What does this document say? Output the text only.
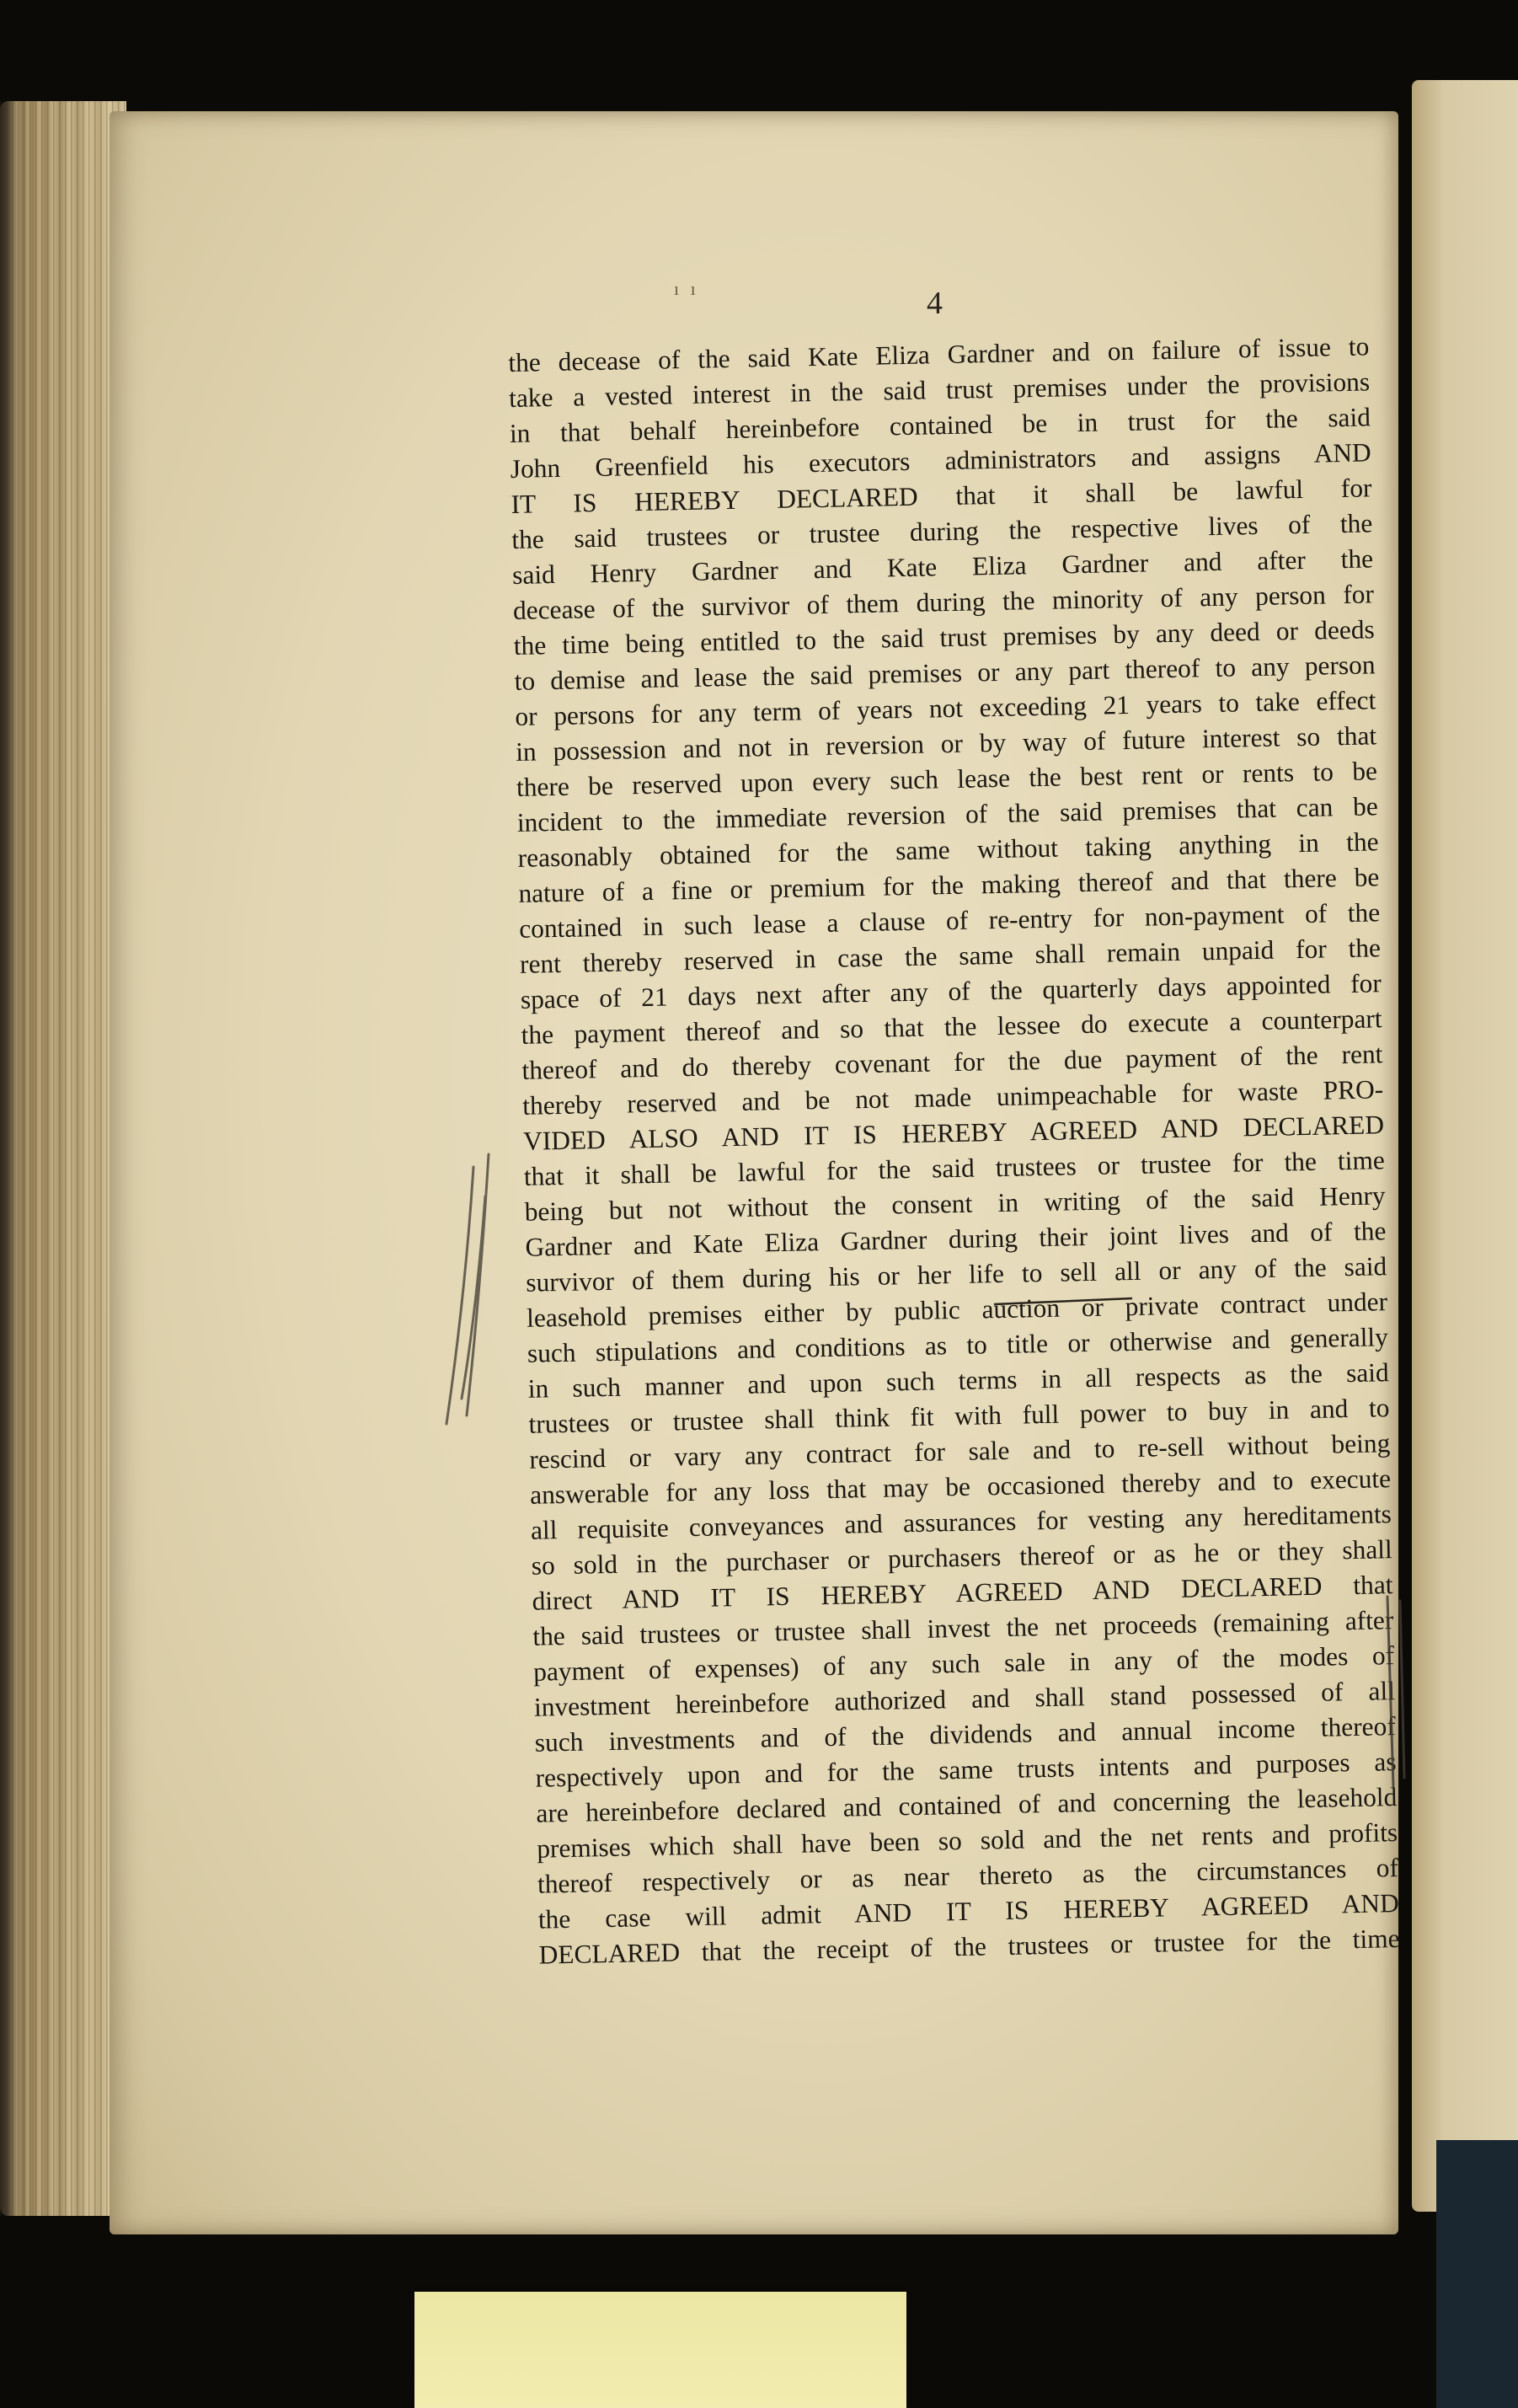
ı ı	4

the decease of the said Kate Eliza Gardner and on failure of issue to
take a vested interest in the said trust premises under the provisions
in that behalf hereinbefore contained be in trust for the said
John Greenfield his executors administrators and assigns AND
IT IS HEREBY DECLARED that it shall be lawful for
the said trustees or trustee during the respective lives of the
said Henry Gardner and Kate Eliza Gardner and after the
decease of the survivor of them during the minority of any person for
the time being entitled to the said trust premises by any deed or deeds
to demise and lease the said premises or any part thereof to any person
or persons for any term of years not exceeding 21 years to take effect
in possession and not in reversion or by way of future interest so that
there be reserved upon every such lease the best rent or rents to be
incident to the immediate reversion of the said premises that can be
reasonably obtained for the same without taking anything in the
nature of a fine or premium for the making thereof and that there be
contained in such lease a clause of re-entry for non-payment of the
rent thereby reserved in case the same shall remain unpaid for the
space of 21 days next after any of the quarterly days appointed for
the payment thereof and so that the lessee do execute a counterpart
thereof and do thereby covenant for the due payment of the rent
thereby reserved and be not made unimpeachable for waste PRO-
VIDED ALSO AND IT IS HEREBY AGREED AND DECLARED
that it shall be lawful for the said trustees or trustee for the time
being but not without the consent in writing of the said Henry
Gardner and Kate Eliza Gardner during their joint lives and of the
survivor of them during his or her life to sell all or any of the said
leasehold premises either by public auction or private contract under
such stipulations and conditions as to title or otherwise and generally
in such manner and upon such terms in all respects as the said
trustees or trustee shall think fit with full power to buy in and to
rescind or vary any contract for sale and to re-sell without being
answerable for any loss that may be occasioned thereby and to execute
all requisite conveyances and assurances for vesting any hereditaments
so sold in the purchaser or purchasers thereof or as he or they shall
direct AND IT IS HEREBY AGREED AND DECLARED that
the said trustees or trustee shall invest the net proceeds (remaining after
payment of expenses) of any such sale in any of the modes of
investment hereinbefore authorized and shall stand possessed of all
such investments and of the dividends and annual income thereof
respectively upon and for the same trusts intents and purposes as
are hereinbefore declared and contained of and concerning the leasehold
premises which shall have been so sold and the net rents and profits
thereof respectively or as near thereto as the circumstances of
the case will admit AND IT IS HEREBY AGREED AND
DECLARED that the receipt of the trustees or trustee for the time
